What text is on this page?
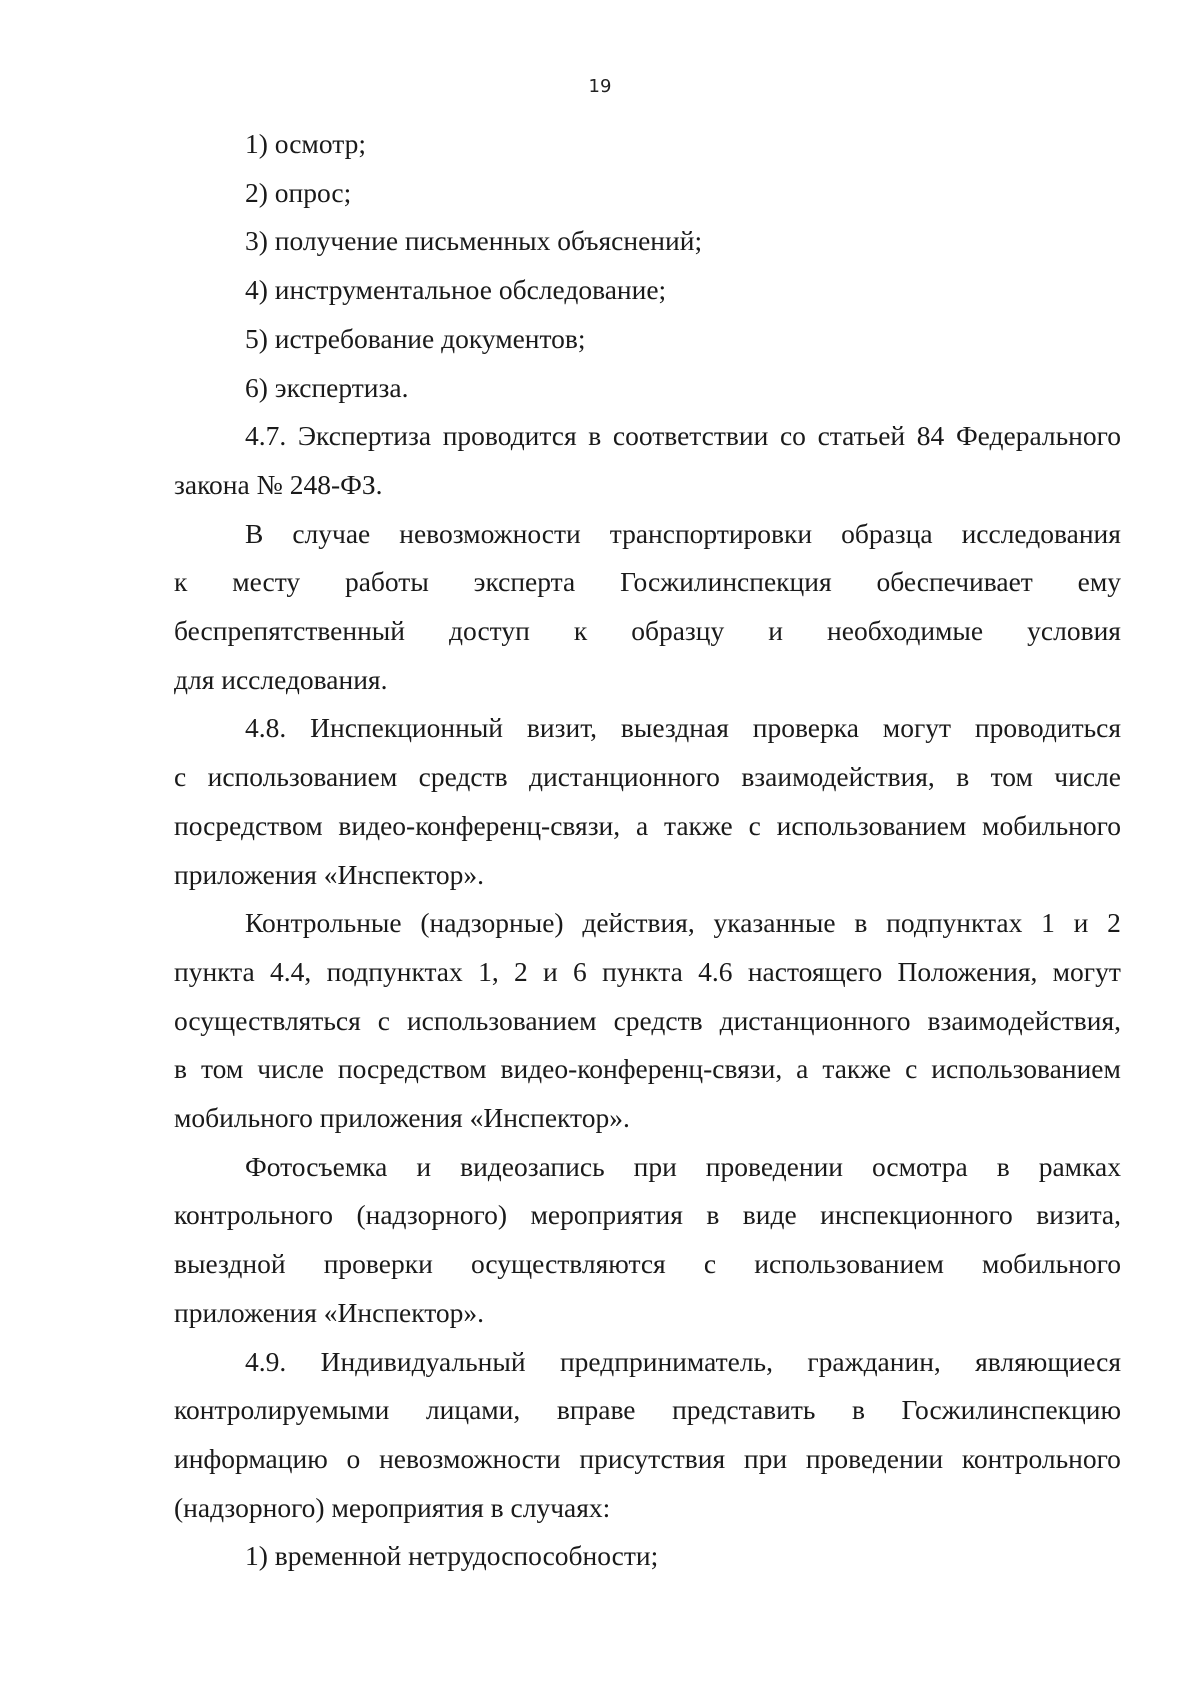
19

1) осмотр;

2) опрос;

3) получение письменных объяснений;

4) инструментальное обследование;

5) истребование документов;

6) экспертиза.

4.7. Экспертиза проводится в соответствии со статьей 84 Федерального
закона № 248-ФЗ.

В случае невозможности транспортировки образца исследования
к месту работы эксперта Госжилинспекция обеспечивает ему
беспрепятственный доступ к образцу и необходимые условия
для исследования.

4.8. Инспекционный визит, выездная проверка могут проводиться
с использованием средств дистанционного взаимодействия, в том числе
посредством видео-конференц-связи, а также с использованием мобильного
приложения «Инспектор».

Контрольные (надзорные) действия, указанные в подпунктах 1 и 2
пункта 4.4, подпунктах 1, 2 и 6 пункта 4.6 настоящего Положения, могут
осуществляться с использованием средств дистанционного взаимодействия,
в том числе посредством видео-конференц-связи, а также с использованием
мобильного приложения «Инспектор».

Фотосъемка и видеозапись при проведении осмотра в рамках
контрольного (надзорного) мероприятия в виде инспекционного визита,
выездной проверки осуществляются с использованием мобильного
приложения «Инспектор».

4.9. Индивидуальный предприниматель, гражданин, являющиеся
контролируемыми лицами, вправе представить в Госжилинспекцию
информацию о невозможности присутствия при проведении контрольного
(надзорного) мероприятия в случаях:

1) временной нетрудоспособности;
